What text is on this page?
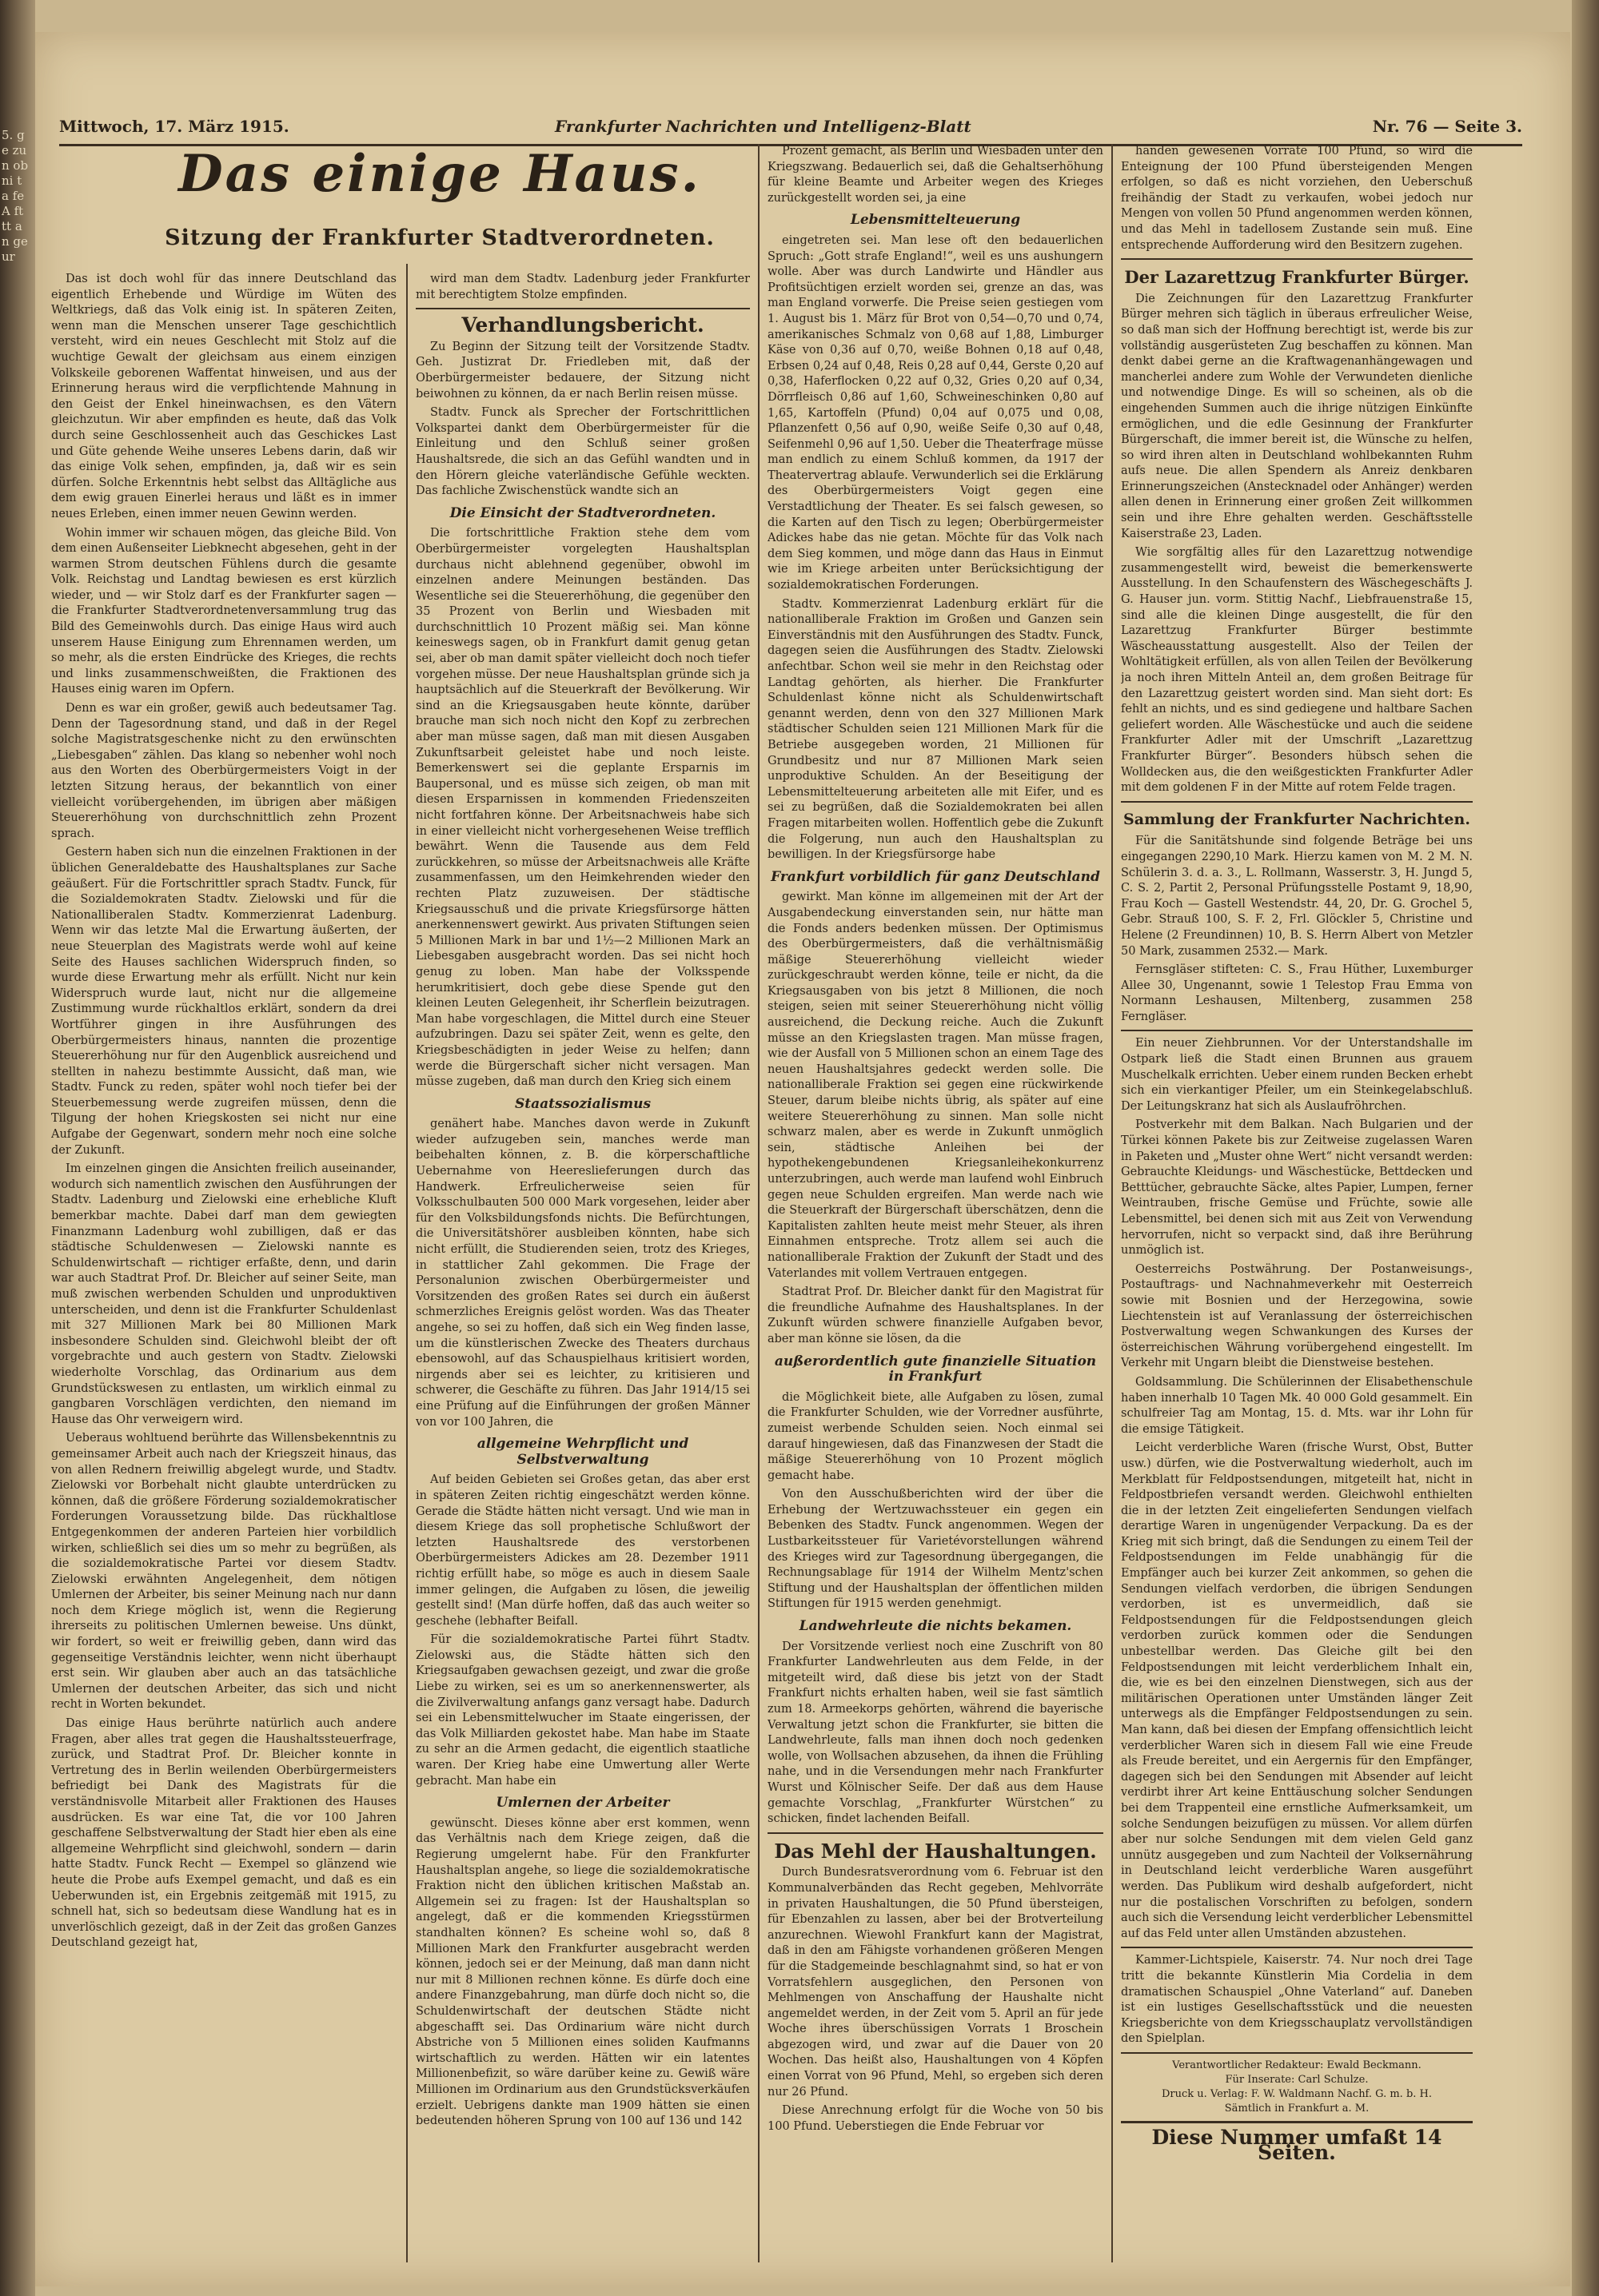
5. ge zu n ob ni ta fe A ft tt a n ge ur
Mittwoch, 17. März 1915.	Frankfurter Nachrichten und Intelligenz-Blatt	Nr. 76 — Seite 3.
Das einige Haus.
Sitzung der Frankfurter Stadtverordneten.

Das ist doch wohl für das innere Deutschland das eigentlich Erhebende und Würdige im Wüten des Weltkriegs, daß das Volk einig ist. In späteren Zeiten, wenn man die Menschen unserer Tage geschichtlich versteht, wird ein neues Geschlecht mit Stolz auf die wuchtige Gewalt der gleichsam aus einem einzigen Volkskeile geborenen Waffentat hinweisen, und aus der Erinnerung heraus wird die verpflichtende Mahnung in den Geist der Enkel hineinwachsen, es den Vätern gleichzutun. Wir aber empfinden es heute, daß das Volk durch seine Geschlossenheit auch das Geschickes Last und Güte gehende Weihe unseres Lebens darin, daß wir das einige Volk sehen, empfinden, ja, daß wir es sein dürfen. Solche Erkenntnis hebt selbst das Alltägliche aus dem ewig grauen Einerlei heraus und läßt es in immer neues Erleben, einen immer neuen Gewinn werden.

Wohin immer wir schauen mögen, das gleiche Bild. Von dem einen Außenseiter Liebknecht abgesehen, geht in der warmen Strom deutschen Fühlens durch die gesamte Volk. Reichstag und Landtag bewiesen es erst kürzlich wieder, und — wir Stolz darf es der Frankfurter sagen — die Frankfurter Stadtverordnetenversammlung trug das Bild des Gemeinwohls durch. Das einige Haus wird auch unserem Hause Einigung zum Ehrennamen werden, um so mehr, als die ersten Eindrücke des Krieges, die rechts und links zusammenschweißten, die Fraktionen des Hauses einig waren im Opfern.

Denn es war ein großer, gewiß auch bedeutsamer Tag. Denn der Tagesordnung stand, und daß in der Regel solche Magistratsgeschenke nicht zu den erwünschten „Liebesgaben“ zählen. Das klang so nebenher wohl noch aus den Worten des Oberbürgermeisters Voigt in der letzten Sitzung heraus, der bekanntlich von einer vielleicht vorübergehenden, im übrigen aber mäßigen Steuererhöhung von durchschnittlich zehn Prozent sprach.

Gestern haben sich nun die einzelnen Fraktionen in der üblichen Generaldebatte des Haushaltsplanes zur Sache geäußert. Für die Fortschrittler sprach Stadtv. Funck, für die Sozialdemokraten Stadtv. Zielowski und für die Nationalliberalen Stadtv. Kommerzienrat Ladenburg. Wenn wir das letzte Mal die Erwartung äußerten, der neue Steuerplan des Magistrats werde wohl auf keine Seite des Hauses sachlichen Widerspruch finden, so wurde diese Erwartung mehr als erfüllt. Nicht nur kein Widerspruch wurde laut, nicht nur die allgemeine Zustimmung wurde rückhaltlos erklärt, sondern da drei Wortführer gingen in ihre Ausführungen des Oberbürgermeisters hinaus, nannten die prozentige Steuererhöhung nur für den Augenblick ausreichend und stellten in nahezu bestimmte Aussicht, daß man, wie Stadtv. Funck zu reden, später wohl noch tiefer bei der Steuerbemessung werde zugreifen müssen, denn die Tilgung der hohen Kriegskosten sei nicht nur eine Aufgabe der Gegenwart, sondern mehr noch eine solche der Zukunft.

Im einzelnen gingen die Ansichten freilich auseinander, wodurch sich namentlich zwischen den Ausführungen der Stadtv. Ladenburg und Zielowski eine erhebliche Kluft bemerkbar machte. Dabei darf man dem gewiegten Finanzmann Ladenburg wohl zubilligen, daß er das städtische Schuldenwesen — Zielowski nannte es Schuldenwirtschaft — richtiger erfaßte, denn, und darin war auch Stadtrat Prof. Dr. Bleicher auf seiner Seite, man muß zwischen werbenden Schulden und unproduktiven unterscheiden, und denn ist die Frankfurter Schuldenlast mit 327 Millionen Mark bei 80 Millionen Mark insbesondere Schulden sind. Gleichwohl bleibt der oft vorgebrachte und auch gestern von Stadtv. Zielowski wiederholte Vorschlag, das Ordinarium aus dem Grundstückswesen zu entlasten, um wirklich einmal zu gangbaren Vorschlägen verdichten, den niemand im Hause das Ohr verweigern wird.

Ueberaus wohltuend berührte das Willensbekenntnis zu gemeinsamer Arbeit auch nach der Kriegszeit hinaus, das von allen Rednern freiwillig abgelegt wurde, und Stadtv. Zielowski vor Borbehalt nicht glaubte unterdrücken zu können, daß die größere Förderung sozialdemokratischer Forderungen Voraussetzung bilde. Das rückhaltlose Entgegenkommen der anderen Parteien hier vorbildlich wirken, schließlich sei dies um so mehr zu begrüßen, als die sozialdemokratische Partei vor diesem Stadtv. Zielowski erwähnten Angelegenheit, dem nötigen Umlernen der Arbeiter, bis seiner Meinung nach nur dann noch dem Kriege möglich ist, wenn die Regierung ihrerseits zu politischen Umlernen beweise. Uns dünkt, wir fordert, so weit er freiwillig geben, dann wird das gegenseitige Verständnis leichter, wenn nicht überhaupt erst sein. Wir glauben aber auch an das tatsächliche Umlernen der deutschen Arbeiter, das sich und nicht recht in Worten bekundet.

Das einige Haus berührte natürlich auch andere Fragen, aber alles trat gegen die Haushaltssteuerfrage, zurück, und Stadtrat Prof. Dr. Bleicher konnte in Vertretung des in Berlin weilenden Oberbürgermeisters befriedigt bei Dank des Magistrats für die verständnisvolle Mitarbeit aller Fraktionen des Hauses ausdrücken. Es war eine Tat, die vor 100 Jahren geschaffene Selbstverwaltung der Stadt hier eben als eine allgemeine Wehrpflicht sind gleichwohl, sondern — darin hatte Stadtv. Funck Recht — Exempel so glänzend wie heute die Probe aufs Exempel gemacht, und daß es ein Ueberwunden ist, ein Ergebnis zeitgemäß mit 1915, zu schnell hat, sich so bedeutsam diese Wandlung hat es in unverlöschlich gezeigt, daß in der Zeit das großen Ganzes Deutschland gezeigt hat,

wird man dem Stadtv. Ladenburg jeder Frankfurter mit berechtigtem Stolze empfinden.

Verhandlungsbericht.

Zu Beginn der Sitzung teilt der Vorsitzende Stadtv. Geh. Justizrat Dr. Friedleben mit, daß der Oberbürgermeister bedauere, der Sitzung nicht beiwohnen zu können, da er nach Berlin reisen müsse.

Stadtv. Funck als Sprecher der Fortschrittlichen Volkspartei dankt dem Oberbürgermeister für die Einleitung und den Schluß seiner großen Haushaltsrede, die sich an das Gefühl wandten und in den Hörern gleiche vaterländische Gefühle weckten. Das fachliche Zwischenstück wandte sich an

Die Einsicht der Stadtverordneten.

Die fortschrittliche Fraktion stehe dem vom Oberbürgermeister vorgelegten Haushaltsplan durchaus nicht ablehnend gegenüber, obwohl im einzelnen andere Meinungen beständen. Das Wesentliche sei die Steuererhöhung, die gegenüber den 35 Prozent von Berlin und Wiesbaden mit durchschnittlich 10 Prozent mäßig sei. Man könne keineswegs sagen, ob in Frankfurt damit genug getan sei, aber ob man damit später vielleicht doch noch tiefer vorgehen müsse. Der neue Haushaltsplan gründe sich ja hauptsächlich auf die Steuerkraft der Bevölkerung. Wir sind an die Kriegsausgaben heute könnte, darüber brauche man sich noch nicht den Kopf zu zerbrechen aber man müsse sagen, daß man mit diesen Ausgaben Zukunftsarbeit geleistet habe und noch leiste. Bemerkenswert sei die geplante Ersparnis im Baupersonal, und es müsse sich zeigen, ob man mit diesen Ersparnissen in kommenden Friedenszeiten nicht fortfahren könne. Der Arbeitsnachweis habe sich in einer vielleicht nicht vorhergesehenen Weise trefflich bewährt. Wenn die Tausende aus dem Feld zurückkehren, so müsse der Arbeitsnachweis alle Kräfte zusammenfassen, um den Heimkehrenden wieder den rechten Platz zuzuweisen. Der städtische Kriegsausschuß und die private Kriegsfürsorge hätten anerkennenswert gewirkt. Aus privaten Stiftungen seien 5 Millionen Mark in bar und 1½—2 Millionen Mark an Liebesgaben ausgebracht worden. Das sei nicht hoch genug zu loben. Man habe der Volksspende herumkritisiert, doch gebe diese Spende gut den kleinen Leuten Gelegenheit, ihr Scherflein beizutragen. Man habe vorgeschlagen, die Mittel durch eine Steuer aufzubringen. Dazu sei später Zeit, wenn es gelte, den Kriegsbeschädigten in jeder Weise zu helfen; dann werde die Bürgerschaft sicher nicht versagen. Man müsse zugeben, daß man durch den Krieg sich einem

Staatssozialismus

genähert habe. Manches davon werde in Zukunft wieder aufzugeben sein, manches werde man beibehalten können, z. B. die körperschaftliche Uebernahme von Heereslieferungen durch das Handwerk. Erfreulicherweise seien für Volksschulbauten 500 000 Mark vorgesehen, leider aber für den Volksbildungsfonds nichts. Die Befürchtungen, die Universitätshörer ausbleiben könnten, habe sich nicht erfüllt, die Studierenden seien, trotz des Krieges, in stattlicher Zahl gekommen. Die Frage der Personalunion zwischen Oberbürgermeister und Vorsitzenden des großen Rates sei durch ein äußerst schmerzliches Ereignis gelöst worden. Was das Theater angehe, so sei zu hoffen, daß sich ein Weg finden lasse, um die künstlerischen Zwecke des Theaters durchaus ebensowohl, auf das Schauspielhaus kritisiert worden, nirgends aber sei es leichter, zu kritisieren und schwerer, die Geschäfte zu führen. Das Jahr 1914/15 sei eine Prüfung auf die Einführungen der großen Männer von vor 100 Jahren, die

allgemeine Wehrpflicht und Selbstverwaltung

Auf beiden Gebieten sei Großes getan, das aber erst in späteren Zeiten richtig eingeschätzt werden könne. Gerade die Städte hätten nicht versagt. Und wie man in diesem Kriege das soll prophetische Schlußwort der letzten Haushaltsrede des verstorbenen Oberbürgermeisters Adickes am 28. Dezember 1911 richtig erfüllt habe, so möge es auch in diesem Saale immer gelingen, die Aufgaben zu lösen, die jeweilig gestellt sind! (Man dürfe hoffen, daß das auch weiter so geschehe (lebhafter Beifall.

Für die sozialdemokratische Partei führt Stadtv. Zielowski aus, die Städte hätten sich den Kriegsaufgaben gewachsen gezeigt, und zwar die große Liebe zu wirken, sei es um so anerkennenswerter, als die Zivilverwaltung anfangs ganz versagt habe. Dadurch sei ein Lebensmittelwucher im Staate eingerissen, der das Volk Milliarden gekostet habe. Man habe im Staate zu sehr an die Armen gedacht, die eigentlich staatliche waren. Der Krieg habe eine Umwertung aller Werte gebracht. Man habe ein

Umlernen der Arbeiter

gewünscht. Dieses könne aber erst kommen, wenn das Verhältnis nach dem Kriege zeigen, daß die Regierung umgelernt habe. Für den Frankfurter Haushaltsplan angehe, so liege die sozialdemokratische Fraktion nicht den üblichen kritischen Maßstab an. Allgemein sei zu fragen: Ist der Haushaltsplan so angelegt, daß er die kommenden Kriegsstürmen standhalten können? Es scheine wohl so, daß 8 Millionen Mark den Frankfurter ausgebracht werden können, jedoch sei er der Meinung, daß man dann nicht nur mit 8 Millionen rechnen könne. Es dürfe doch eine andere Finanzgebahrung, man dürfe doch nicht so, die Schuldenwirtschaft der deutschen Städte nicht abgeschafft sei. Das Ordinarium wäre nicht durch Abstriche von 5 Millionen eines soliden Kaufmanns wirtschaftlich zu werden. Hätten wir ein latentes Millionenbefizit, so wäre darüber keine zu. Gewiß wäre Millionen im Ordinarium aus den Grundstücksverkäufen erzielt. Uebrigens dankte man 1909 hätten sie einen bedeutenden höheren Sprung von 100 auf 136 und 142

Prozent gemacht, als Berlin und Wiesbaden unter den Kriegszwang. Bedauerlich sei, daß die Gehaltserhöhung für kleine Beamte und Arbeiter wegen des Krieges zurückgestellt worden sei, ja eine

Lebensmittelteuerung

eingetreten sei. Man lese oft den bedauerlichen Spruch: „Gott strafe England!“, weil es uns aushungern wolle. Aber was durch Landwirte und Händler aus Profitsüchtigen erzielt worden sei, grenze an das, was man England vorwerfe. Die Preise seien gestiegen vom 1. August bis 1. März für Brot von 0,54—0,70 und 0,74, amerikanisches Schmalz von 0,68 auf 1,88, Limburger Käse von 0,36 auf 0,70, weiße Bohnen 0,18 auf 0,48, Erbsen 0,24 auf 0,48, Reis 0,28 auf 0,44, Gerste 0,20 auf 0,38, Haferflocken 0,22 auf 0,32, Gries 0,20 auf 0,34, Dörrfleisch 0,86 auf 1,60, Schweineschinken 0,80 auf 1,65, Kartoffeln (Pfund) 0,04 auf 0,075 und 0,08, Pflanzenfett 0,56 auf 0,90, weiße Seife 0,30 auf 0,48, Seifenmehl 0,96 auf 1,50. Ueber die Theaterfrage müsse man endlich zu einem Schluß kommen, da 1917 der Theatervertrag ablaufe. Verwunderlich sei die Erklärung des Oberbürgermeisters Voigt gegen eine Verstadtlichung der Theater. Es sei falsch gewesen, so die Karten auf den Tisch zu legen; Oberbürgermeister Adickes habe das nie getan. Möchte für das Volk nach dem Sieg kommen, und möge dann das Haus in Einmut wie im Kriege arbeiten unter Berücksichtigung der sozialdemokratischen Forderungen.

Stadtv. Kommerzienrat Ladenburg erklärt für die nationalliberale Fraktion im Großen und Ganzen sein Einverständnis mit den Ausführungen des Stadtv. Funck, dagegen seien die Ausführungen des Stadtv. Zielowski anfechtbar. Schon weil sie mehr in den Reichstag oder Landtag gehörten, als hierher. Die Frankfurter Schuldenlast könne nicht als Schuldenwirtschaft genannt werden, denn von den 327 Millionen Mark städtischer Schulden seien 121 Millionen Mark für die Betriebe ausgegeben worden, 21 Millionen für Grundbesitz und nur 87 Millionen Mark seien unproduktive Schulden. An der Beseitigung der Lebensmittelteuerung arbeiteten alle mit Eifer, und es sei zu begrüßen, daß die Sozialdemokraten bei allen Fragen mitarbeiten wollen. Hoffentlich gebe die Zukunft die Folgerung, nun auch den Haushaltsplan zu bewilligen. In der Kriegsfürsorge habe

Frankfurt vorbildlich für ganz Deutschland

gewirkt. Man könne im allgemeinen mit der Art der Ausgabendeckung einverstanden sein, nur hätte man die Fonds anders bedenken müssen. Der Optimismus des Oberbürgermeisters, daß die verhältnismäßig mäßige Steuererhöhung vielleicht wieder zurückgeschraubt werden könne, teile er nicht, da die Kriegsausgaben von bis jetzt 8 Millionen, die noch steigen, seien mit seiner Steuererhöhung nicht völlig ausreichend, die Deckung reiche. Auch die Zukunft müsse an den Kriegslasten tragen. Man müsse fragen, wie der Ausfall von 5 Millionen schon an einem Tage des neuen Haushaltsjahres gedeckt werden solle. Die nationalliberale Fraktion sei gegen eine rückwirkende Steuer, darum bleibe nichts übrig, als später auf eine weitere Steuererhöhung zu sinnen. Man solle nicht schwarz malen, aber es werde in Zukunft unmöglich sein, städtische Anleihen bei der hypothekengebundenen Kriegsanleihekonkurrenz unterzubringen, auch werde man laufend wohl Einbruch gegen neue Schulden ergreifen. Man werde nach wie die Steuerkraft der Bürgerschaft überschätzen, denn die Kapitalisten zahlten heute meist mehr Steuer, als ihren Einnahmen entspreche. Trotz allem sei auch die nationalliberale Fraktion der Zukunft der Stadt und des Vaterlandes mit vollem Vertrauen entgegen.

Stadtrat Prof. Dr. Bleicher dankt für den Magistrat für die freundliche Aufnahme des Haushaltsplanes. In der Zukunft würden schwere finanzielle Aufgaben bevor, aber man könne sie lösen, da die

außerordentlich gute finanzielle Situation in Frankfurt

die Möglichkeit biete, alle Aufgaben zu lösen, zumal die Frankfurter Schulden, wie der Vorredner ausführte, zumeist werbende Schulden seien. Noch einmal sei darauf hingewiesen, daß das Finanzwesen der Stadt die mäßige Steuererhöhung von 10 Prozent möglich gemacht habe.

Von den Ausschußberichten wird der über die Erhebung der Wertzuwachssteuer ein gegen ein Bebenken des Stadtv. Funck angenommen. Wegen der Lustbarkeitssteuer für Varietévorstellungen während des Krieges wird zur Tagesordnung übergegangen, die Rechnungsablage für 1914 der Wilhelm Mentz'schen Stiftung und der Haushaltsplan der öffentlichen milden Stiftungen für 1915 werden genehmigt.

Landwehrleute die nichts bekamen.

Der Vorsitzende verliest noch eine Zuschrift von 80 Frankfurter Landwehrleuten aus dem Felde, in der mitgeteilt wird, daß diese bis jetzt von der Stadt Frankfurt nichts erhalten haben, weil sie fast sämtlich zum 18. Armeekorps gehörten, während die bayerische Verwaltung jetzt schon die Frankfurter, sie bitten die Landwehrleute, falls man ihnen doch noch gedenken wolle, von Wollsachen abzusehen, da ihnen die Frühling nahe, und in die Versendungen mehr nach Frankfurter Wurst und Kölnischer Seife. Der daß aus dem Hause gemachte Vorschlag, „Frankfurter Würstchen“ zu schicken, findet lachenden Beifall.

Das Mehl der Haushaltungen.

Durch Bundesratsverordnung vom 6. Februar ist den Kommunalverbänden das Recht gegeben, Mehlvorräte in privaten Haushaltungen, die 50 Pfund übersteigen, für Ebenzahlen zu lassen, aber bei der Brotverteilung anzurechnen. Wiewohl Frankfurt kann der Magistrat, daß in den am Fähigste vorhandenen größeren Mengen für die Stadgemeinde beschlagnahmt sind, so hat er von Vorratsfehlern ausgeglichen, den Personen von Mehlmengen von Anschaffung der Haushalte nicht angemeldet werden, in der Zeit vom 5. April an für jede Woche ihres überschüssigen Vorrats 1 Broschein abgezogen wird, und zwar auf die Dauer von 20 Wochen. Das heißt also, Haushaltungen von 4 Köpfen einen Vorrat von 96 Pfund, Mehl, so ergeben sich deren nur 26 Pfund.

Diese Anrechnung erfolgt für die Woche von 50 bis 100 Pfund. Ueberstiegen die Ende Februar vor

handen gewesenen Vorräte 100 Pfund, so wird die Enteignung der 100 Pfund übersteigenden Mengen erfolgen, so daß es nicht vorziehen, den Ueberschuß freihändig der Stadt zu verkaufen, wobei jedoch nur Mengen von vollen 50 Pfund angenommen werden können, und das Mehl in tadellosem Zustande sein muß. Eine entsprechende Aufforderung wird den Besitzern zugehen.

Der Lazarettzug Frankfurter Bürger.

Die Zeichnungen für den Lazarettzug Frankfurter Bürger mehren sich täglich in überaus erfreulicher Weise, so daß man sich der Hoffnung berechtigt ist, werde bis zur vollständig ausgerüsteten Zug beschaffen zu können. Man denkt dabei gerne an die Kraftwagenanhängewagen und mancherlei andere zum Wohle der Verwundeten dienliche und notwendige Dinge. Es will so scheinen, als ob die eingehenden Summen auch die ihrige nützigen Einkünfte ermöglichen, und die edle Gesinnung der Frankfurter Bürgerschaft, die immer bereit ist, die Wünsche zu helfen, so wird ihren alten in Deutschland wohlbekannten Ruhm aufs neue. Die allen Spendern als Anreiz denkbaren Erinnerungszeichen (Anstecknadel oder Anhänger) werden allen denen in Erinnerung einer großen Zeit willkommen sein und ihre Ehre gehalten werden. Geschäftsstelle Kaiserstraße 23, Laden.

Wie sorgfältig alles für den Lazarettzug notwendige zusammengestellt wird, beweist die bemerkenswerte Ausstellung. In den Schaufenstern des Wäschegeschäfts J. G. Hauser jun. vorm. Stittig Nachf., Liebfrauenstraße 15, sind alle die kleinen Dinge ausgestellt, die für den Lazarettzug Frankfurter Bürger bestimmte Wäscheausstattung ausgestellt. Also der Teilen der Wohltätigkeit erfüllen, als von allen Teilen der Bevölkerung ja noch ihren Mitteln Anteil an, dem großen Beitrage für den Lazarettzug geistert worden sind. Man sieht dort: Es fehlt an nichts, und es sind gediegene und haltbare Sachen geliefert worden. Alle Wäschestücke und auch die seidene Frankfurter Adler mit der Umschrift „Lazarettzug Frankfurter Bürger“. Besonders hübsch sehen die Wolldecken aus, die den weißgestickten Frankfurter Adler mit dem goldenen F in der Mitte auf rotem Felde tragen.

Sammlung der Frankfurter Nachrichten.

Für die Sanitätshunde sind folgende Beträge bei uns eingegangen 2290,10 Mark. Hierzu kamen von M. 2 M. N. Schülerin 3. d. a. 3., L. Rollmann, Wasserstr. 3, H. Jungd 5, C. S. 2, Partit 2, Personal Prüfungsstelle Postamt 9, 18,90, Frau Koch — Gastell Westendstr. 44, 20, Dr. G. Grochel 5, Gebr. Strauß 100, S. F. 2, Frl. Glöckler 5, Christine und Helene (2 Freundinnen) 10, B. S. Herrn Albert von Metzler 50 Mark, zusammen 2532.— Mark.

Fernsgläser stifteten: C. S., Frau Hüther, Luxemburger Allee 30, Ungenannt, sowie 1 Telestop Frau Emma von Normann Leshausen, Miltenberg, zusammen 258 Ferngläser.

Ein neuer Ziehbrunnen. Vor der Unterstandshalle im Ostpark ließ die Stadt einen Brunnen aus grauem Muschelkalk errichten. Ueber einem runden Becken erhebt sich ein vierkantiger Pfeiler, um ein Steinkegelabschluß. Der Leitungskranz hat sich als Auslaufröhrchen.

Postverkehr mit dem Balkan. Nach Bulgarien und der Türkei können Pakete bis zur Zeitweise zugelassen Waren in Paketen und „Muster ohne Wert“ nicht versandt werden: Gebrauchte Kleidungs- und Wäschestücke, Bettdecken und Betttücher, gebrauchte Säcke, altes Papier, Lumpen, ferner Weintrauben, frische Gemüse und Früchte, sowie alle Lebensmittel, bei denen sich mit aus Zeit von Verwendung hervorrufen, nicht so verpackt sind, daß ihre Berührung unmöglich ist.

Oesterreichs Postwährung. Der Postanweisungs-, Postauftrags- und Nachnahmeverkehr mit Oesterreich sowie mit Bosnien und der Herzegowina, sowie Liechtenstein ist auf Veranlassung der österreichischen Postverwaltung wegen Schwankungen des Kurses der österreichischen Währung vorübergehend eingestellt. Im Verkehr mit Ungarn bleibt die Dienstweise bestehen.

Goldsammlung. Die Schülerinnen der Elisabethenschule haben innerhalb 10 Tagen Mk. 40 000 Gold gesammelt. Ein schulfreier Tag am Montag, 15. d. Mts. war ihr Lohn für die emsige Tätigkeit.

Leicht verderbliche Waren (frische Wurst, Obst, Butter usw.) dürfen, wie die Postverwaltung wiederholt, auch im Merkblatt für Feldpostsendungen, mitgeteilt hat, nicht in Feldpostbriefen versandt werden. Gleichwohl enthielten die in der letzten Zeit eingelieferten Sendungen vielfach derartige Waren in ungenügender Verpackung. Da es der Krieg mit sich bringt, daß die Sendungen zu einem Teil der Feldpostsendungen im Felde unabhängig für die Empfänger auch bei kurzer Zeit ankommen, so gehen die Sendungen vielfach verdorben, die übrigen Sendungen verdorben, ist es unvermeidlich, daß sie Feldpostsendungen für die Feldpostsendungen gleich verdorben zurück kommen oder die Sendungen unbestellbar werden. Das Gleiche gilt bei den Feldpostsendungen mit leicht verderblichem Inhalt ein, die, wie es bei den einzelnen Dienstwegen, sich aus der militärischen Operationen unter Umständen länger Zeit unterwegs als die Empfänger Feldpostsendungen zu sein. Man kann, daß bei diesen der Empfang offensichtlich leicht verderblicher Waren sich in diesem Fall wie eine Freude als Freude bereitet, und ein Aergernis für den Empfänger, dagegen sich bei den Sendungen mit Absender auf leicht verdirbt ihrer Art keine Enttäuschung solcher Sendungen bei dem Trappenteil eine ernstliche Aufmerksamkeit, um solche Sendungen beizufügen zu müssen. Vor allem dürfen aber nur solche Sendungen mit dem vielen Geld ganz unnütz ausgegeben und zum Nachteil der Volksernährung in Deutschland leicht verderbliche Waren ausgeführt werden. Das Publikum wird deshalb aufgefordert, nicht nur die postalischen Vorschriften zu befolgen, sondern auch sich die Versendung leicht verderblicher Lebensmittel auf das Feld unter allen Umständen abzustehen.

Kammer-Lichtspiele, Kaiserstr. 74. Nur noch drei Tage tritt die bekannte Künstlerin Mia Cordelia in dem dramatischen Schauspiel „Ohne Vaterland“ auf. Daneben ist ein lustiges Gesellschaftsstück und die neuesten Kriegsberichte von dem Kriegsschauplatz vervollständigen den Spielplan.

Verantwortlicher Redakteur: Ewald Beckmann.
Für Inserate: Carl Schulze.
Druck u. Verlag: F. W. Waldmann Nachf. G. m. b. H.
Sämtlich in Frankfurt a. M.
Diese Nummer umfaßt 14 Seiten.
